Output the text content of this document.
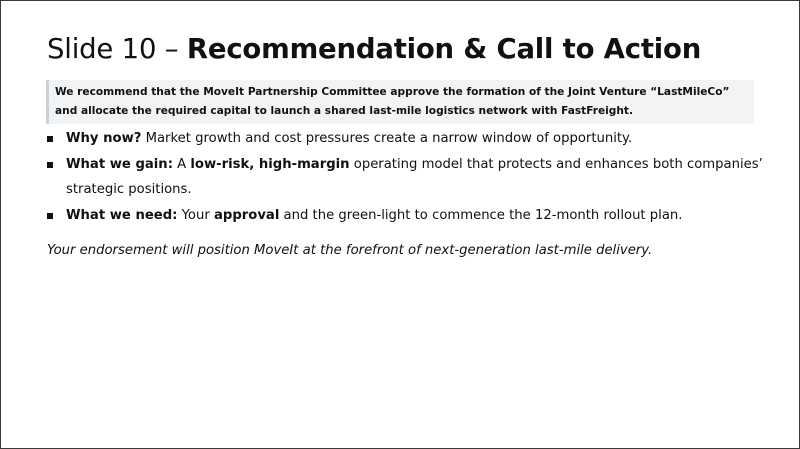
Slide 10 – Recommendation & Call to Action
We recommend that the MoveIt Partnership Committee approve the formation of the Joint Venture “LastMileCo” and allocate the required capital to launch a shared last-mile logistics network with FastFreight.
Why now? Market growth and cost pressures create a narrow window of opportunity.
What we gain: A low-risk, high-margin operating model that protects and enhances both companies’ strategic positions.
What we need: Your approval and the green-light to commence the 12-month rollout plan.
Your endorsement will position MoveIt at the forefront of next-generation last-mile delivery.
